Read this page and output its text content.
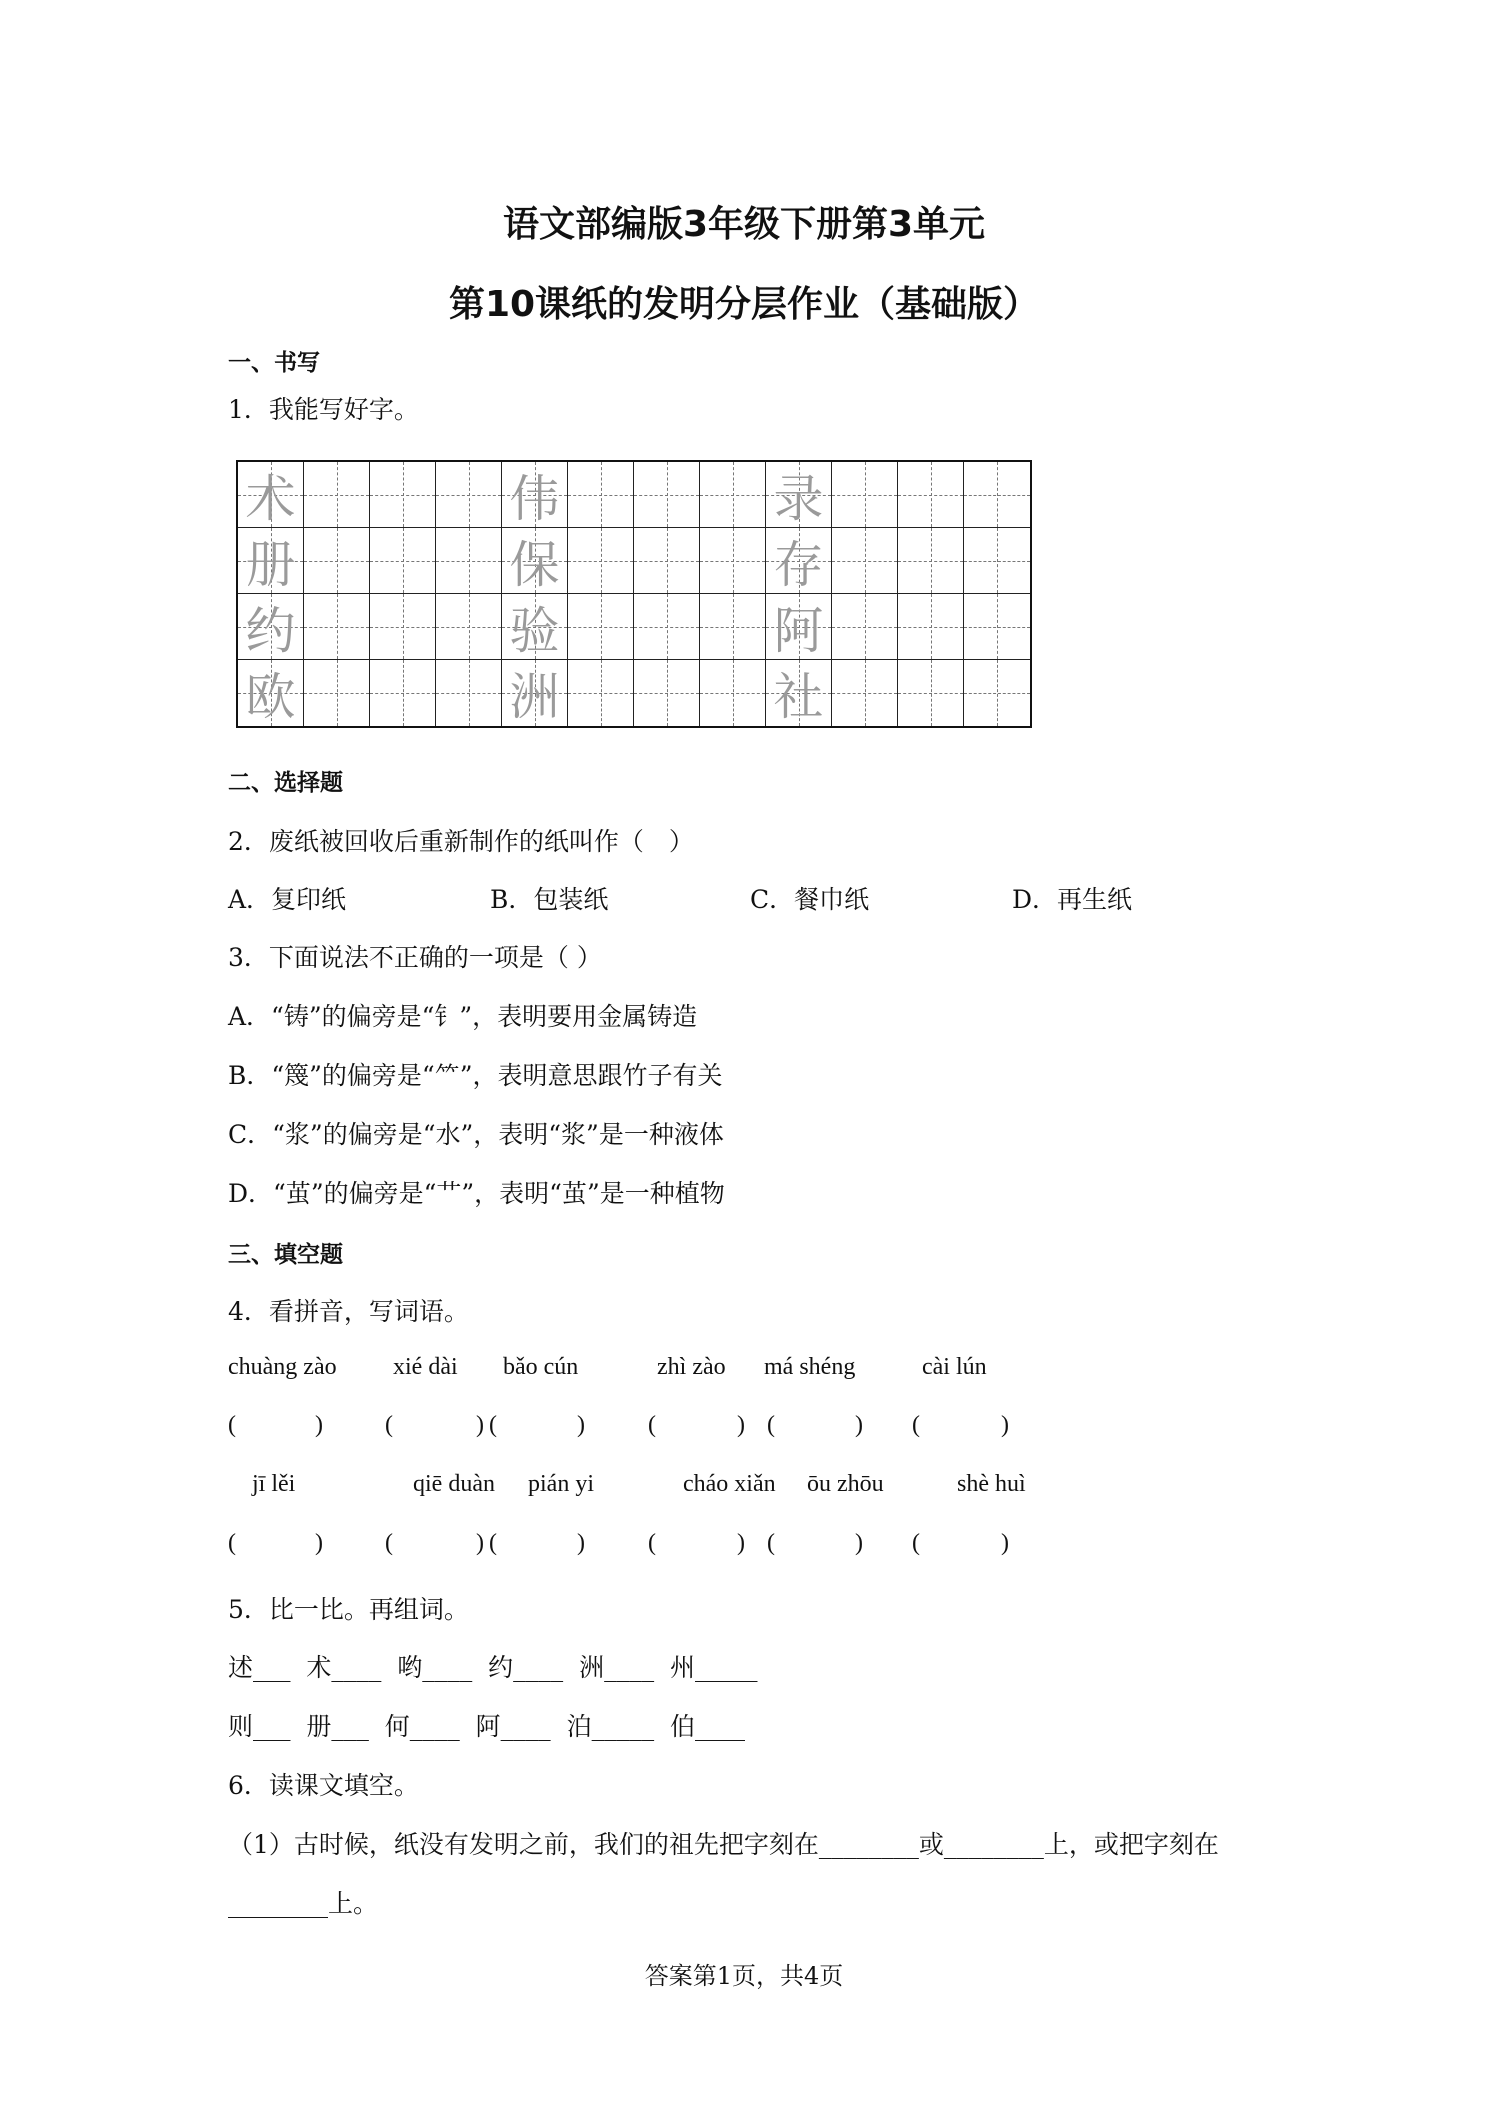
语文部编版3年级下册第3单元
第10课纸的发明分层作业（基础版）
一、书写
1．我能写好字。
术	伟	录
册	保	存
约	验	阿
欧	洲	社
二、选择题
2．废纸被回收后重新制作的纸叫作（　）
A．复印纸	B．包装纸	C．餐巾纸	D．再生纸
3．下面说法不正确的一项是（ ）
A．“铸”的偏旁是“钅”，表明要用金属铸造
B．“篾”的偏旁是“⺮”，表明意思跟竹子有关
C．“浆”的偏旁是“水”，表明“浆”是一种液体
D．“茧”的偏旁是“艹”，表明“茧”是一种植物
三、填空题
4．看拼音，写词语。
chuàng zào xié dài bǎo cún	zhì zào má shéng	cài lún
(	)	(	) (	)	(	) (	) (	)
jī lěi	qiē duàn pián yi	cháo xiǎn ōu zhōu	shè huì
(	)	(	) (	)	(	) (	) (	)
5．比一比。再组词。
述___  术____  哟____  约____  洲____  州_____
则___  册___  何____  阿____  泊_____  伯____
6．读课文填空。
（1）古时候，纸没有发明之前，我们的祖先把字刻在________或________上，或把字刻在
________上。
答案第1页，共4页
